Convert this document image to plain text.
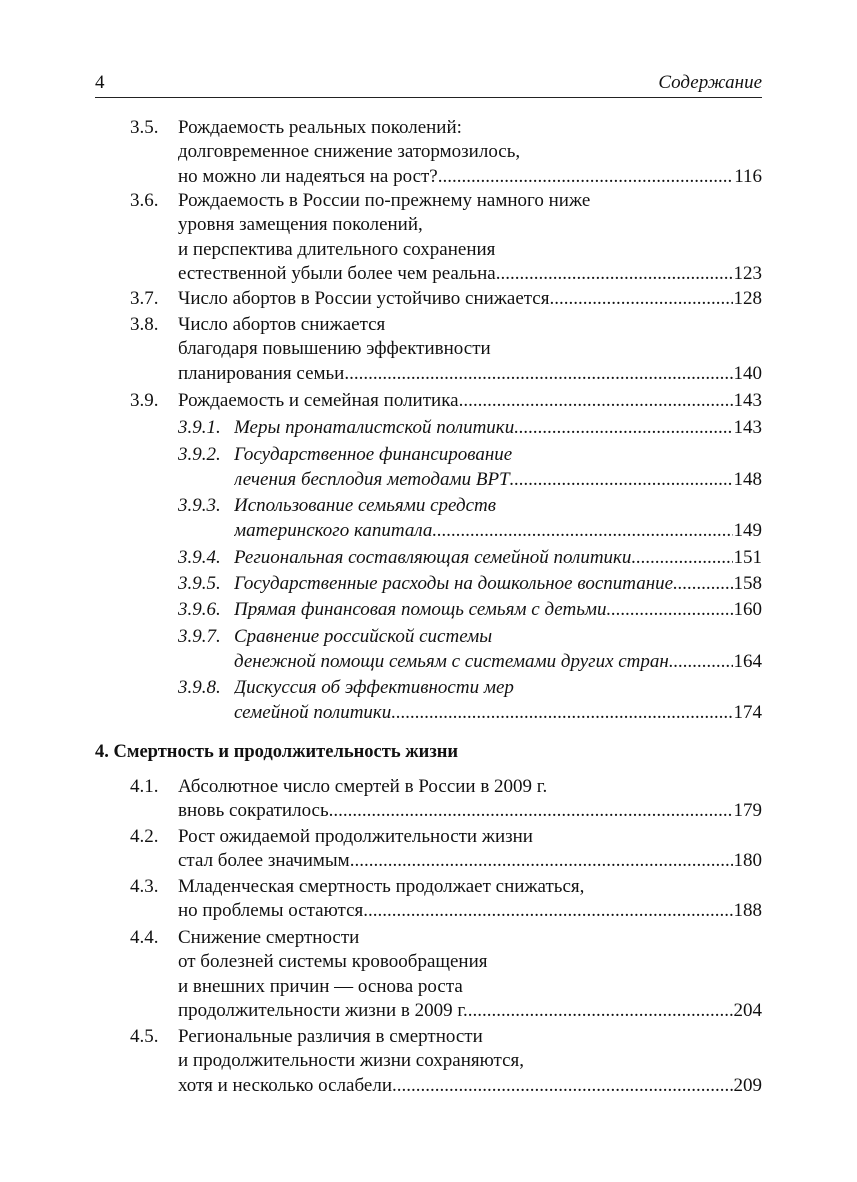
4	Содержание
3.5. Рождаемость реальных поколений:
долговременное снижение затормозилось,
но можно ли надеяться на рост? .....	116
3.6. Рождаемость в России по-прежнему намного ниже
уровня замещения поколений,
и перспектива длительного сохранения
естественной убыли более чем реальна .....	123
3.7. Число абортов в России устойчиво снижается .....	128
3.8. Число абортов снижается
благодаря повышению эффективности
планирования семьи .....	140
3.9. Рождаемость и семейная политика .....	143
3.9.1. Меры пронаталистской политики .....	143
3.9.2. Государственное финансирование
лечения бесплодия методами ВРТ .....	148
3.9.3. Использование семьями средств
материнского капитала .....	149
3.9.4. Региональная составляющая семейной политики .....	151
3.9.5. Государственные расходы на дошкольное воспитание .....	158
3.9.6. Прямая финансовая помощь семьям с детьми .....	160
3.9.7. Сравнение российской системы
денежной помощи семьям с системами других стран .....	164
3.9.8. Дискуссия об эффективности мер
семейной политики .....	174
4. Смертность и продолжительность жизни
4.1. Абсолютное число смертей в России в 2009 г.
вновь сократилось .....	179
4.2. Рост ожидаемой продолжительности жизни
стал более значимым .....	180
4.3. Младенческая смертность продолжает снижаться,
но проблемы остаются .....	188
4.4. Снижение смертности
от болезней системы кровообращения
и внешних причин — основа роста
продолжительности жизни в 2009 г. .....	204
4.5. Региональные различия в смертности
и продолжительности жизни сохраняются,
хотя и несколько ослабели .....	209
